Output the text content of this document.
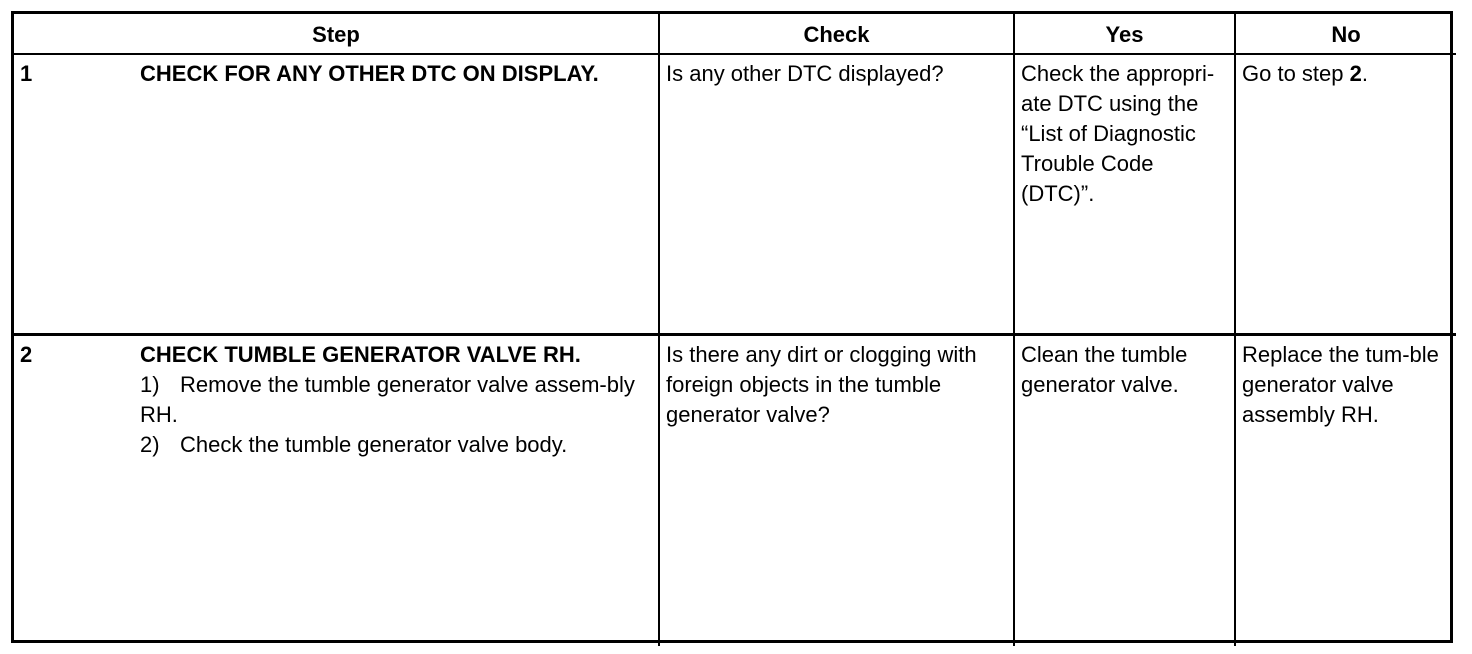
Step	Check	Yes	No

1 CHECK FOR ANY OTHER DTC ON DISPLAY.	Is any other DTC displayed?	Check the appropri-ate DTC using the “List of Diagnostic Trouble Code (DTC)”.	Go to step 2.

2 CHECK TUMBLE GENERATOR VALVE RH.
1) Remove the tumble generator valve assem-bly RH.
2) Check the tumble generator valve body.	Is there any dirt or clogging with foreign objects in the tumble generator valve?	Clean the tumble generator valve.	Replace the tum-ble generator valve assembly RH.
